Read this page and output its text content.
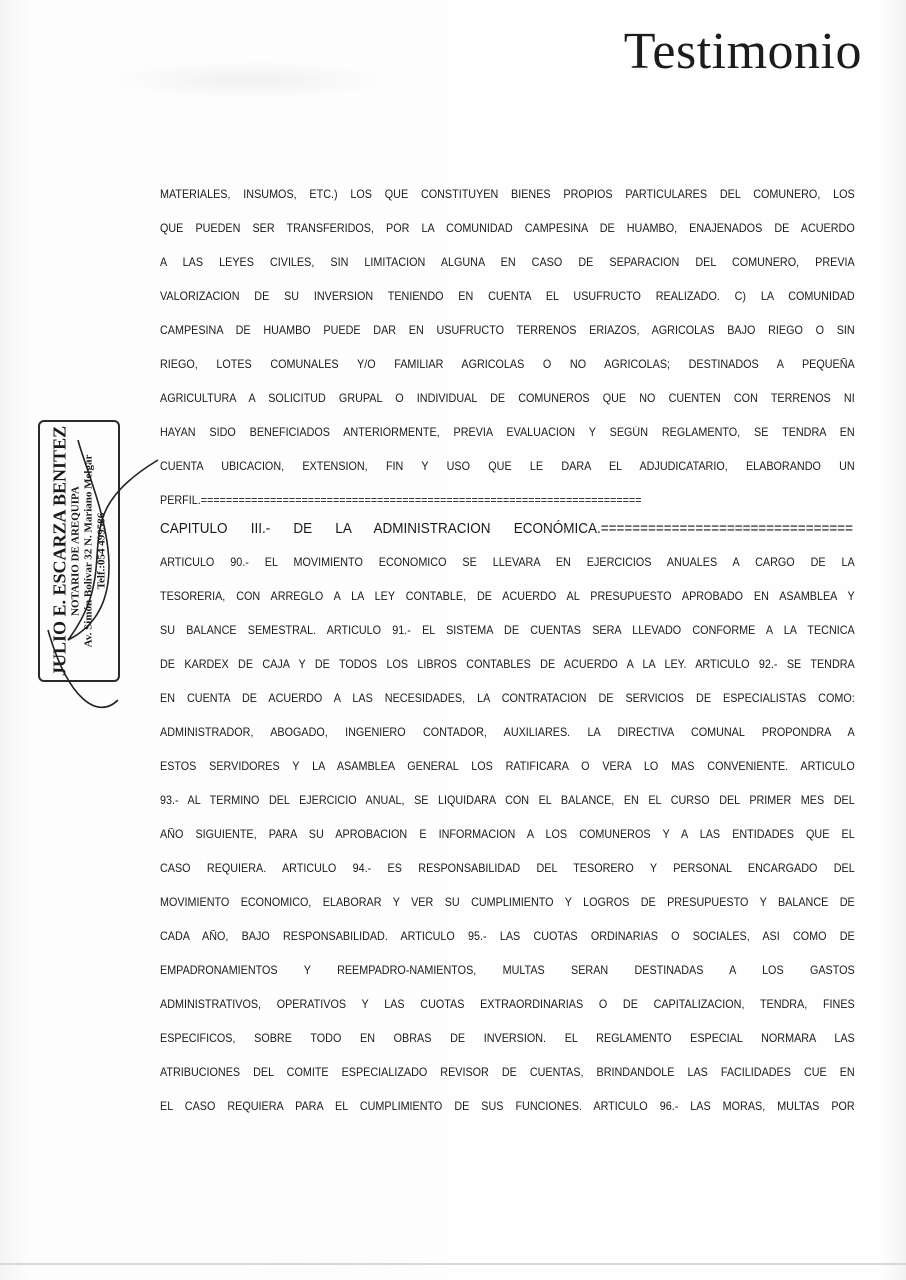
Testimonio
JULIO E. ESCARZA BENITEZ NOTARIO DE AREQUIPA Av. Simón Bolívar 32 N. Mariano Melgar Telf.:054 499586
MATERIALES, INSUMOS, ETC.) LOS QUE CONSTITUYEN BIENES PROPIOS PARTICULARES DEL COMUNERO, LOS
QUE PUEDEN SER TRANSFERIDOS, POR LA COMUNIDAD CAMPESINA DE HUAMBO, ENAJENADOS DE ACUERDO
A LAS LEYES CIVILES, SIN LIMITACION ALGUNA EN CASO DE SEPARACION DEL COMUNERO, PREVIA
VALORIZACION DE SU INVERSION TENIENDO EN CUENTA EL USUFRUCTO REALIZADO. C) LA COMUNIDAD
CAMPESINA DE HUAMBO PUEDE DAR EN USUFRUCTO TERRENOS ERIAZOS, AGRICOLAS BAJO RIEGO O SIN
RIEGO, LOTES COMUNALES Y/O FAMILIAR AGRICOLAS O NO AGRICOLAS; DESTINADOS A PEQUEÑA
AGRICULTURA A SOLICITUD GRUPAL O INDIVIDUAL DE COMUNEROS QUE NO CUENTEN CON TERRENOS NI
HAYAN SIDO BENEFICIADOS ANTERIORMENTE, PREVIA EVALUACION Y SEGÚN REGLAMENTO, SE TENDRA EN
CUENTA UBICACION, EXTENSION, FIN Y USO QUE LE DARA EL ADJUDICATARIO, ELABORANDO UN
PERFIL.======================================================================
CAPITULO III.- DE LA ADMINISTRACION ECONÓMICA.================================
ARTICULO 90.- EL MOVIMIENTO ECONOMICO SE LLEVARA EN EJERCICIOS ANUALES A CARGO DE LA
TESORERIA, CON ARREGLO A LA LEY CONTABLE, DE ACUERDO AL PRESUPUESTO APROBADO EN ASAMBLEA Y
SU BALANCE SEMESTRAL. ARTICULO 91.- EL SISTEMA DE CUENTAS SERA LLEVADO CONFORME A LA TECNICA
DE KARDEX DE CAJA Y DE TODOS LOS LIBROS CONTABLES DE ACUERDO A LA LEY. ARTICULO 92.- SE TENDRA
EN CUENTA DE ACUERDO A LAS NECESIDADES, LA CONTRATACION DE SERVICIOS DE ESPECIALISTAS COMO:
ADMINISTRADOR, ABOGADO, INGENIERO CONTADOR, AUXILIARES. LA DIRECTIVA COMUNAL PROPONDRA A
ESTOS SERVIDORES Y LA ASAMBLEA GENERAL LOS RATIFICARA O VERA LO MAS CONVENIENTE. ARTICULO
93.- AL TERMINO DEL EJERCICIO ANUAL, SE LIQUIDARA CON EL BALANCE, EN EL CURSO DEL PRIMER MES DEL
AÑO SIGUIENTE, PARA SU APROBACION E INFORMACION A LOS COMUNEROS Y A LAS ENTIDADES QUE EL
CASO REQUIERA. ARTICULO 94.- ES RESPONSABILIDAD DEL TESORERO Y PERSONAL ENCARGADO DEL
MOVIMIENTO ECONOMICO, ELABORAR Y VER SU CUMPLIMIENTO Y LOGROS DE PRESUPUESTO Y BALANCE DE
CADA AÑO, BAJO RESPONSABILIDAD. ARTICULO 95.- LAS CUOTAS ORDINARIAS O SOCIALES, ASI COMO DE
EMPADRONAMIENTOS Y REEMPADRO-NAMIENTOS, MULTAS SERAN DESTINADAS A LOS GASTOS
ADMINISTRATIVOS, OPERATIVOS Y LAS CUOTAS EXTRAORDINARIAS O DE CAPITALIZACION, TENDRA, FINES
ESPECIFICOS, SOBRE TODO EN OBRAS DE INVERSION. EL REGLAMENTO ESPECIAL NORMARA LAS
ATRIBUCIONES DEL COMITE ESPECIALIZADO REVISOR DE CUENTAS, BRINDANDOLE LAS FACILIDADES CUE EN
EL CASO REQUIERA PARA EL CUMPLIMIENTO DE SUS FUNCIONES. ARTICULO 96.- LAS MORAS, MULTAS POR
